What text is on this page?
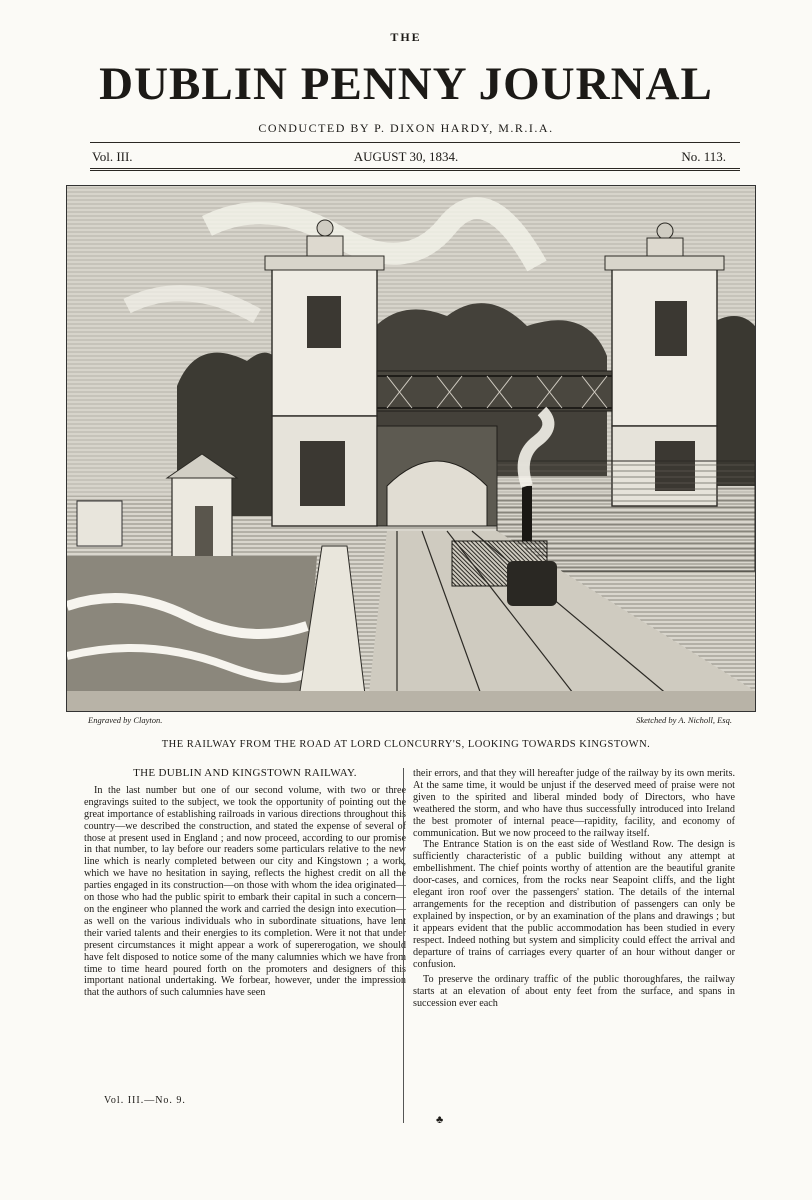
THE
DUBLIN PENNY JOURNAL
CONDUCTED BY P. DIXON HARDY, M.R.I.A.
Vol. III.	AUGUST 30, 1834.	No. 113.
Engraved by Clayton.	Sketched by A. Nicholl, Esq.
THE RAILWAY FROM THE ROAD AT LORD CLONCURRY'S, LOOKING TOWARDS KINGSTOWN.

THE DUBLIN AND KINGSTOWN RAILWAY.

In the last number but one of our second volume, with two or three engravings suited to the subject, we took the opportunity of pointing out the great importance of establishing railroads in various directions throughout this country—we described the construction, and stated the expense of several of those at present used in England ; and now proceed, according to our promise in that number, to lay before our readers some particulars relative to the new line which is nearly completed between our city and Kingstown ; a work, which we have no hesitation in saying, reflects the highest credit on all the parties engaged in its construction—on those with whom the idea originated—on those who had the public spirit to embark their capital in such a concern—on the engineer who planned the work and carried the design into execution—as well on the various individuals who in subordinate situations, have lent their varied talents and their energies to its completion. Were it not that under present circumstances it might appear a work of supererogation, we should have felt disposed to notice some of the many calumnies which we have from time to time heard poured forth on the promoters and designers of this important national undertaking. We forbear, however, under the impression that the authors of such calumnies have seen

their errors, and that they will hereafter judge of the railway by its own merits. At the same time, it would be unjust if the deserved meed of praise were not given to the spirited and liberal minded body of Directors, who have weathered the storm, and who have thus successfully introduced into Ireland the best promoter of internal peace—rapidity, facility, and economy of communication. But we now proceed to the railway itself.

The Entrance Station is on the east side of Westland Row. The design is sufficiently characteristic of a public building without any attempt at embellishment. The chief points worthy of attention are the beautiful granite door-cases, and cornices, from the rocks near Seapoint cliffs, and the light elegant iron roof over the passengers' station. The details of the internal arrangements for the reception and distribution of passengers can only be explained by inspection, or by an examination of the plans and drawings ; but it appears evident that the public accommodation has been studied in every respect. Indeed nothing but system and simplicity could effect the arrival and departure of trains of carriages every quarter of an hour without danger or confusion.

To preserve the ordinary traffic of the public thoroughfares, the railway starts at an elevation of about enty feet from the surface, and spans in succession ever each

Vol. III.—No. 9.
♣
